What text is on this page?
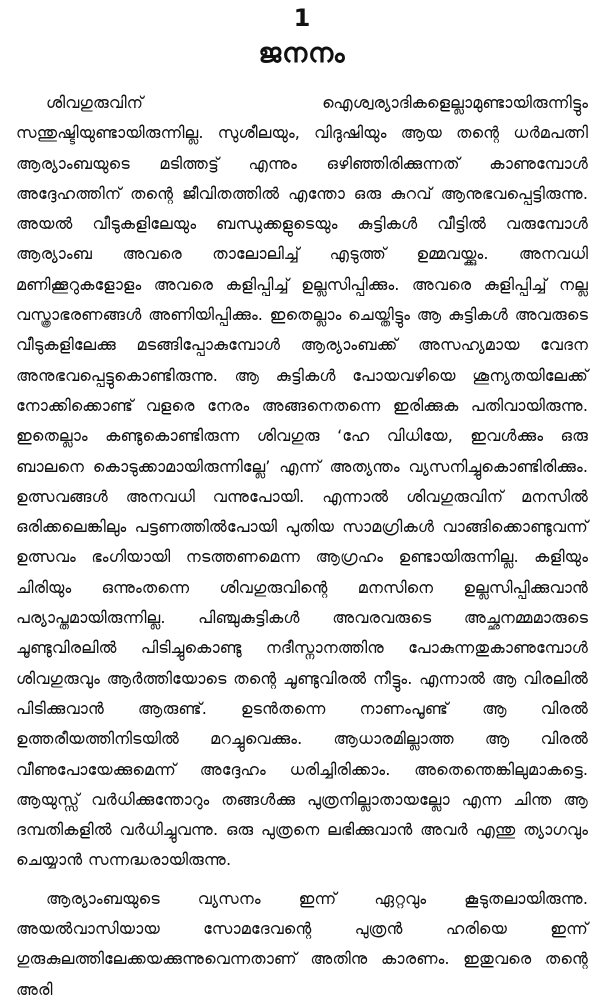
1
ജനനം

ശിവഗുരുവിന് ഐശ്വര്യാദികളെല്ലാമുണ്ടായിരുന്നിട്ടും സന്തുഷ്ടിയുണ്ടായിരുന്നില്ല. സുശീലയും, വിദുഷിയും ആയ തന്റെ ധർമപത്നി ആര്യാംബയുടെ മടിത്തട്ട് എന്നും ഒഴിഞ്ഞിരിക്കുന്നത് കാണുമ്പോൾ അദ്ദേഹത്തിന് തന്റെ ജീവിതത്തിൽ എന്തോ ഒരു കുറവ് ആനുഭവപ്പെട്ടിരുന്നു. അയൽ വീടുകളിലേയും ബന്ധുക്കളുടെയും കുട്ടികൾ വീട്ടിൽ വരുമ്പോൾ ആര്യാംബ അവരെ താലോലിച്ച് എടുത്ത് ഉമ്മവയ്ക്കും. അനവധി മണിക്കൂറുകളോളം അവരെ കളിപ്പിച്ച് ഉല്ലസിപ്പിക്കും. അവരെ കുളിപ്പിച്ച് നല്ല വസ്ത്രാഭരണങ്ങൾ അണിയിപ്പിക്കും. ഇതെല്ലാം ചെയ്തിട്ടും ആ കുട്ടികൾ അവരുടെ വീടുകളിലേക്കു മടങ്ങിപ്പോകുമ്പോൾ ആര്യാംബക്ക് അസഹ്യമായ വേദന അനുഭവപ്പെട്ടുകൊണ്ടിരുന്നു. ആ കുട്ടികൾ പോയവഴിയെ ശൂന്യതയിലേക്ക് നോക്കിക്കൊണ്ട് വളരെ നേരം അങ്ങനെതന്നെ ഇരിക്കുക പതിവായിരുന്നു. ഇതെല്ലാം കണ്ടുകൊണ്ടിരുന്ന ശിവഗുരു ‘ഹേ വിധിയേ, ഇവൾക്കും ഒരു ബാലനെ കൊടുക്കാമായിരുന്നില്ലേ’ എന്ന് അത്യന്തം വ്യസനിച്ചുകൊണ്ടിരിക്കും. ഉത്സവങ്ങൾ അനവധി വന്നുപോയി. എന്നാൽ ശിവഗുരുവിന് മനസിൽ ഒരിക്കലെങ്കിലും പട്ടണത്തിൽപോയി പുതിയ സാമഗ്രികൾ വാങ്ങിക്കൊണ്ടുവന്ന് ഉത്സവം ഭംഗിയായി നടത്തണമെന്ന ആഗ്രഹം ഉണ്ടായിരുന്നില്ല. കളിയും ചിരിയും ഒന്നുംതന്നെ ശിവഗുരുവിന്റെ മനസിനെ ഉല്ലസിപ്പിക്കുവാൻ പര്യാപ്തമായിരുന്നില്ല. പിഞ്ചുകുട്ടികൾ അവരവരുടെ അച്ഛനമ്മമാരുടെ ചൂണ്ടുവിരലിൽ പിടിച്ചുകൊണ്ടു നദീസ്നാനത്തിനു പോകുന്നതുകാണുമ്പോൾ ശിവഗുരുവും ആർത്തിയോടെ തന്റെ ചൂണ്ടുവിരൽ നീട്ടും. എന്നാൽ ആ വിരലിൽ പിടിക്കുവാൻ ആരുണ്ട്. ഉടൻതന്നെ നാണംപൂണ്ട് ആ വിരൽ ഉത്തരീയത്തിനിടയിൽ മറച്ചുവെക്കും. ആധാരമില്ലാത്ത ആ വിരൽ വീണുപോയേക്കുമെന്ന് അദ്ദേഹം ധരിച്ചിരിക്കാം. അതെന്തെങ്കിലുമാകട്ടെ. ആയുസ്സ് വർധിക്കുന്തോറും തങ്ങൾക്കു പുത്രനില്ലാതായല്ലോ എന്ന ചിന്ത ആ ദമ്പതികളിൽ വർധിച്ചുവന്നു. ഒരു പുത്രനെ ലഭിക്കുവാൻ അവർ എന്തു ത്യാഗവും ചെയ്യാൻ സന്നദ്ധരായിരുന്നു.

ആര്യാംബയുടെ വ്യസനം ഇന്ന് ഏറ്റവും കൂടുതലായിരുന്നു. അയൽവാസിയായ സോമദേവന്റെ പുത്രൻ ഹരിയെ ഇന്ന് ഗുരുകുലത്തിലേക്കയക്കുന്നുവെന്നതാണ് അതിനു കാരണം. ഇതുവരെ തന്റെ അരി
